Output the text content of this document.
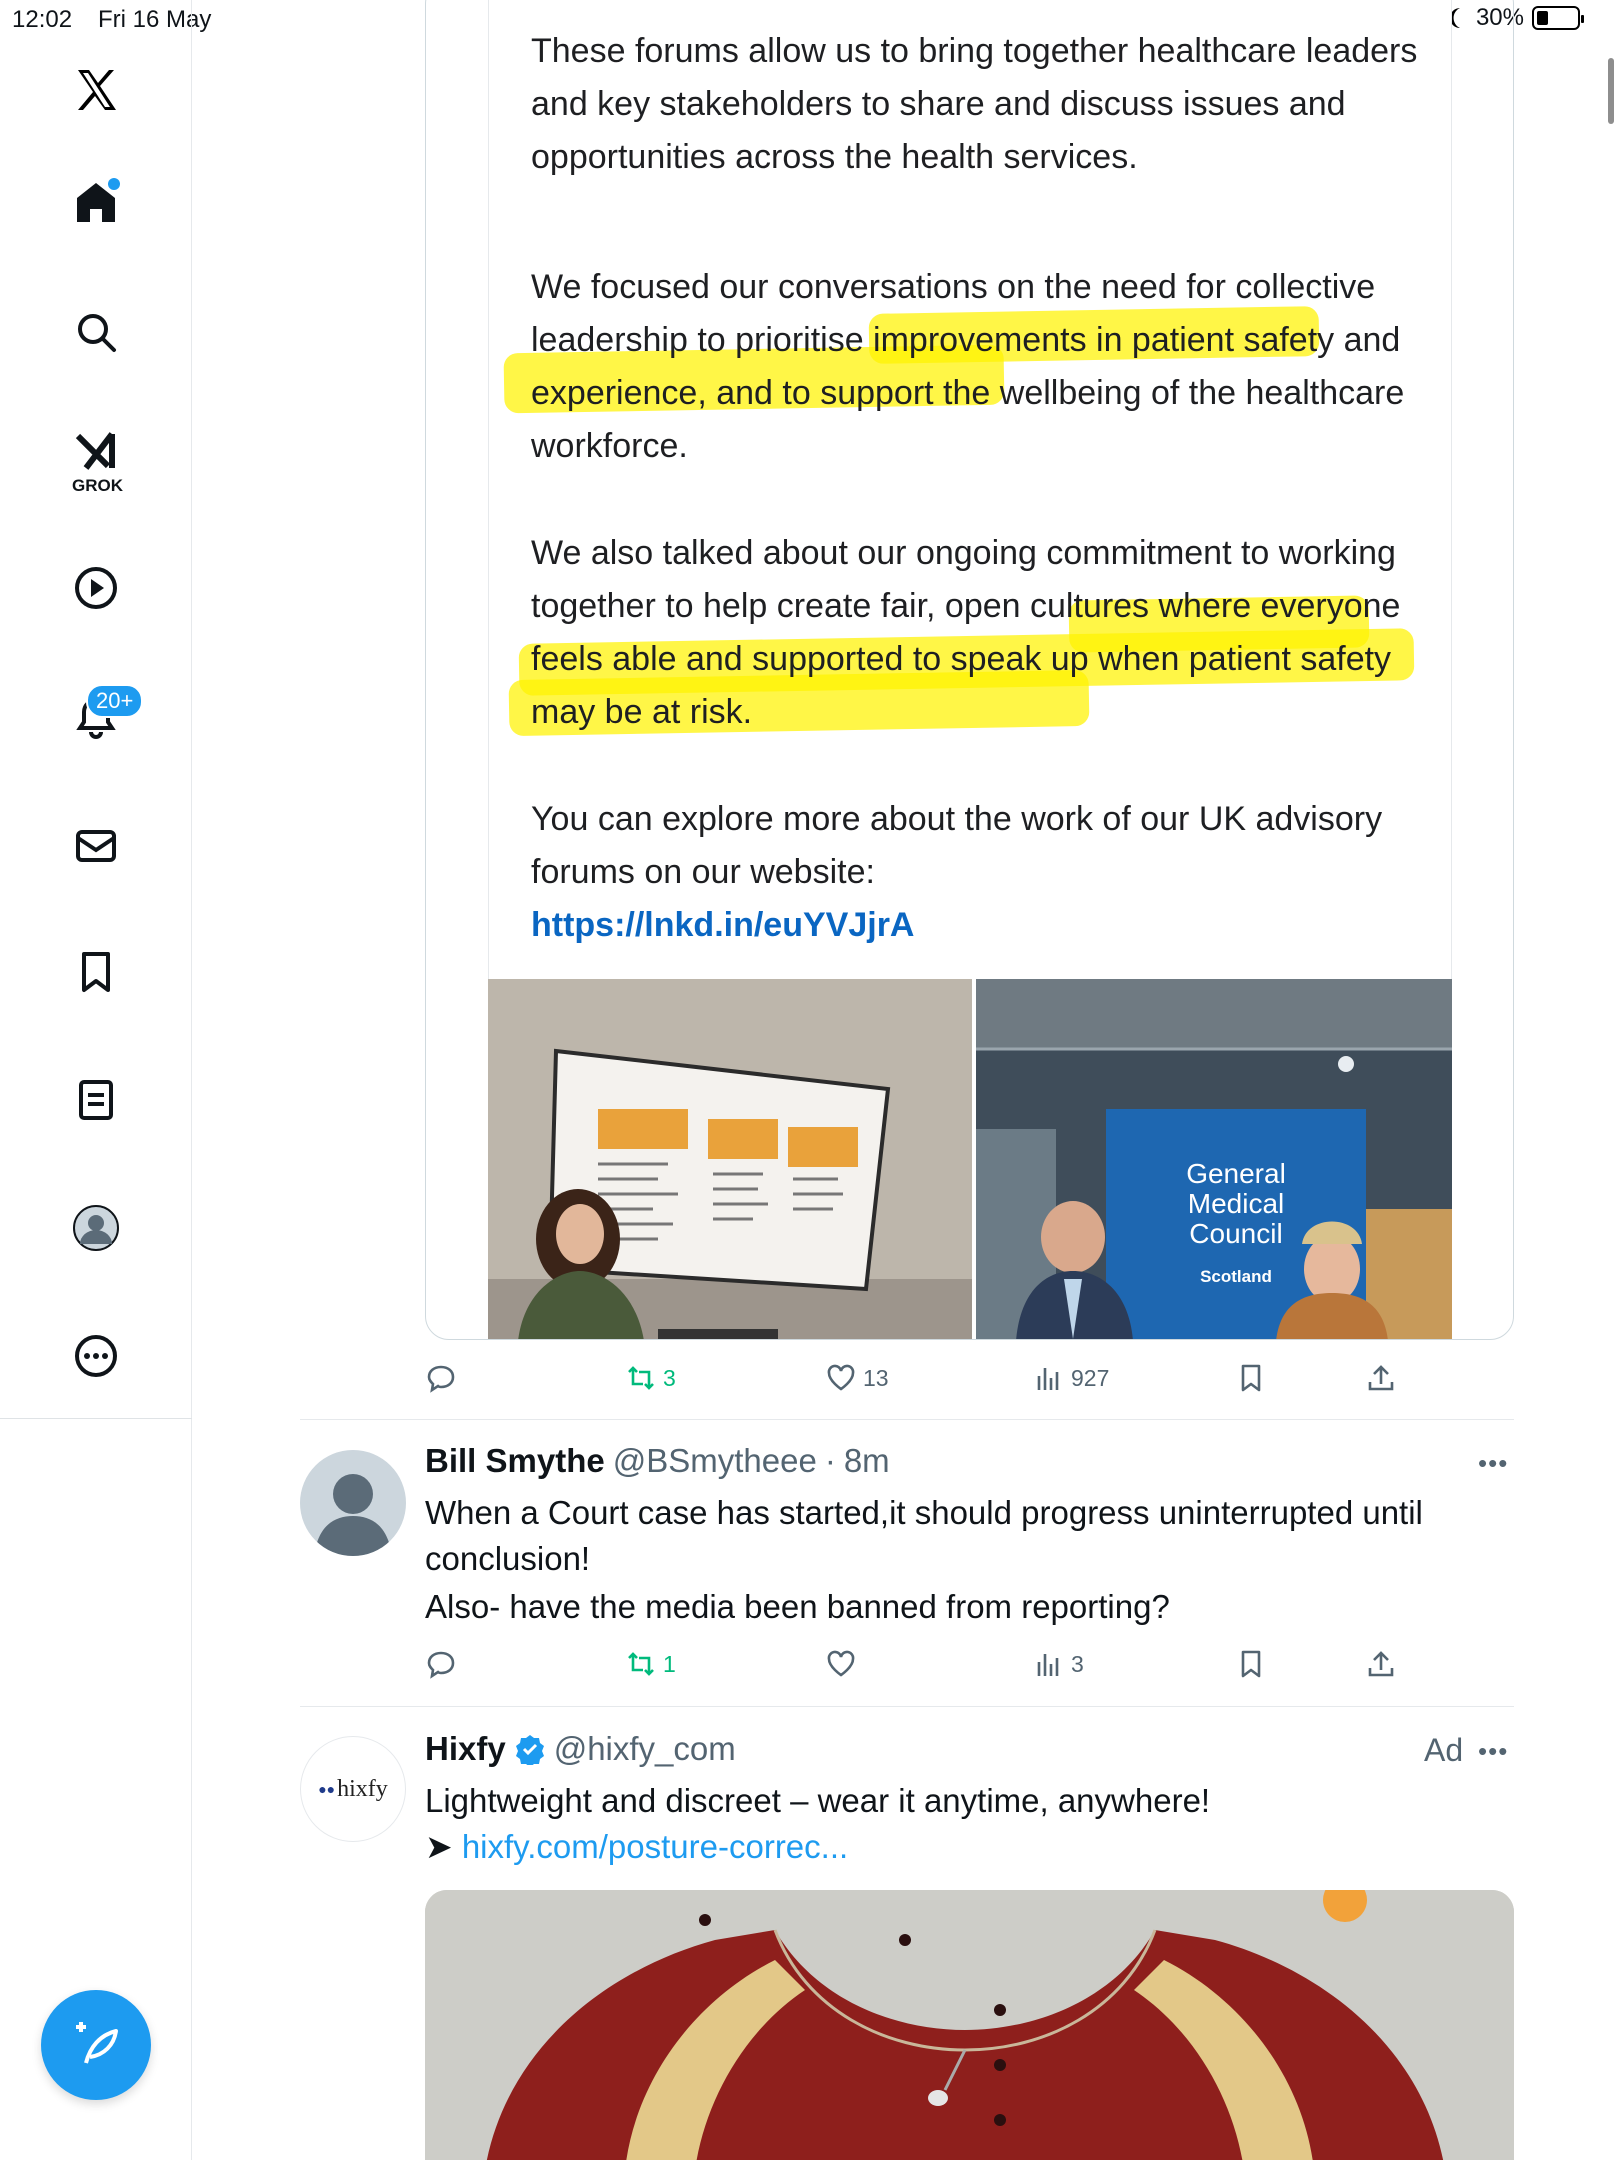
12:02 Fri 16 May	30%
GROK
20+

These forums allow us to bring together healthcare leaders and key stakeholders to share and discuss issues and opportunities across the health services.

We focused our conversations on the need for collective leadership to prioritise improvements in patient safety and experience, and to support the wellbeing of the healthcare workforce.

We also talked about our ongoing commitment to working together to help create fair, open cultures where everyone feels able and supported to speak up when patient safety may be at risk.

You can explore more about the work of our UK advisory forums on our website:

https://lnkd.in/euYVJjrA

General
Medical
Council
Scotland
3	13	927
Bill Smythe @BSmytheee · 8m	•••

When a Court case has started,it should progress uninterrupted until conclusion!

Also- have the media been banned from reporting?

1	3
●● hixfy
Hixfy @hixfy_com	Ad •••

Lightweight and discreet – wear it anytime, anywhere!

➤ hixfy.com/posture-correc...
